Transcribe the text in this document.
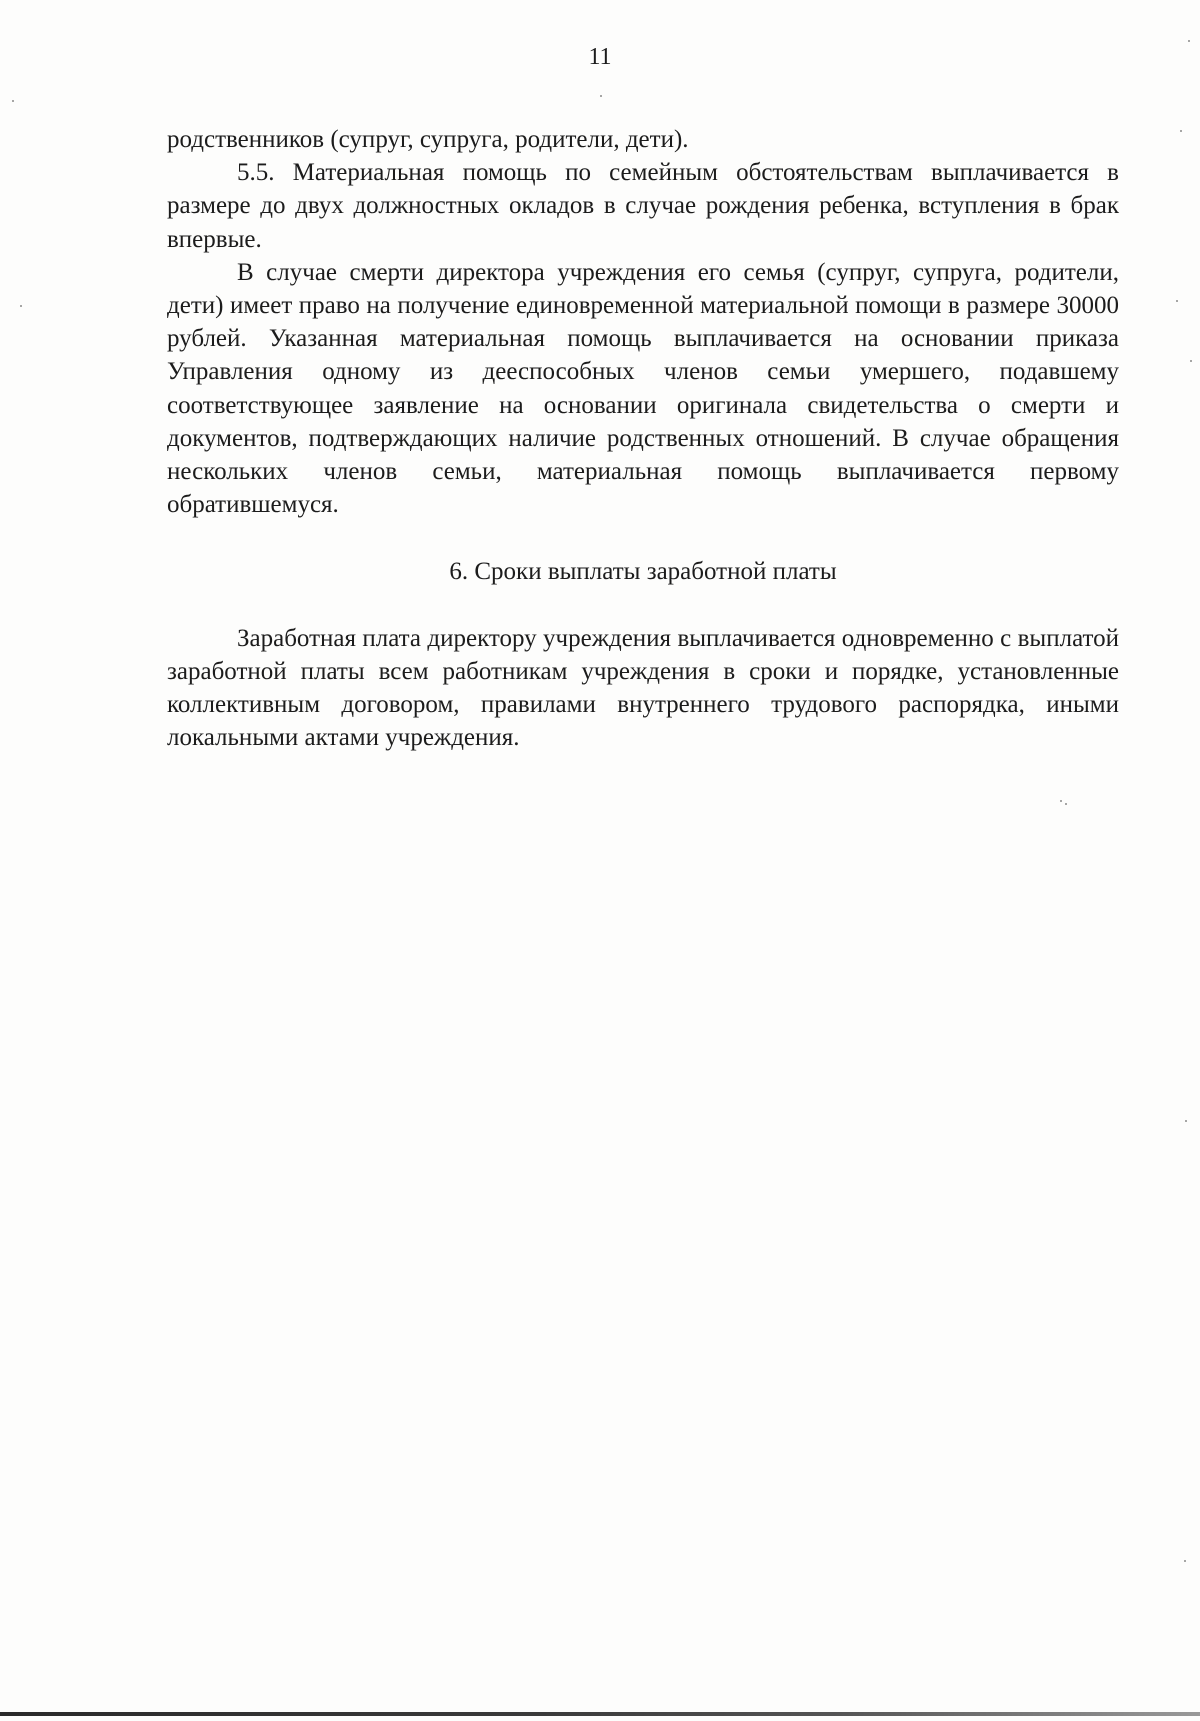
11

родственников (супруг, супруга, родители, дети).

5.5. Материальная помощь по семейным обстоятельствам выплачивается в размере до двух должностных окладов в случае рождения ребенка, вступления в брак впервые.

В случае смерти директора учреждения его семья (супруг, супруга, родители, дети) имеет право на получение единовременной материальной помощи в размере 30000 рублей. Указанная материальная помощь выплачивается на основании приказа Управления одному из дееспособных членов семьи умершего, подавшему соответствующее заявление на основании оригинала свидетельства о смерти и документов, подтверждающих наличие родственных отношений. В случае обращения нескольких членов семьи, материальная помощь выплачивается первому обратившемуся.

6. Сроки выплаты заработной платы

Заработная плата директору учреждения выплачивается одновременно с выплатой заработной платы всем работникам учреждения в сроки и порядке, установленные коллективным договором, правилами внутреннего трудового распорядка, иными локальными актами учреждения.
